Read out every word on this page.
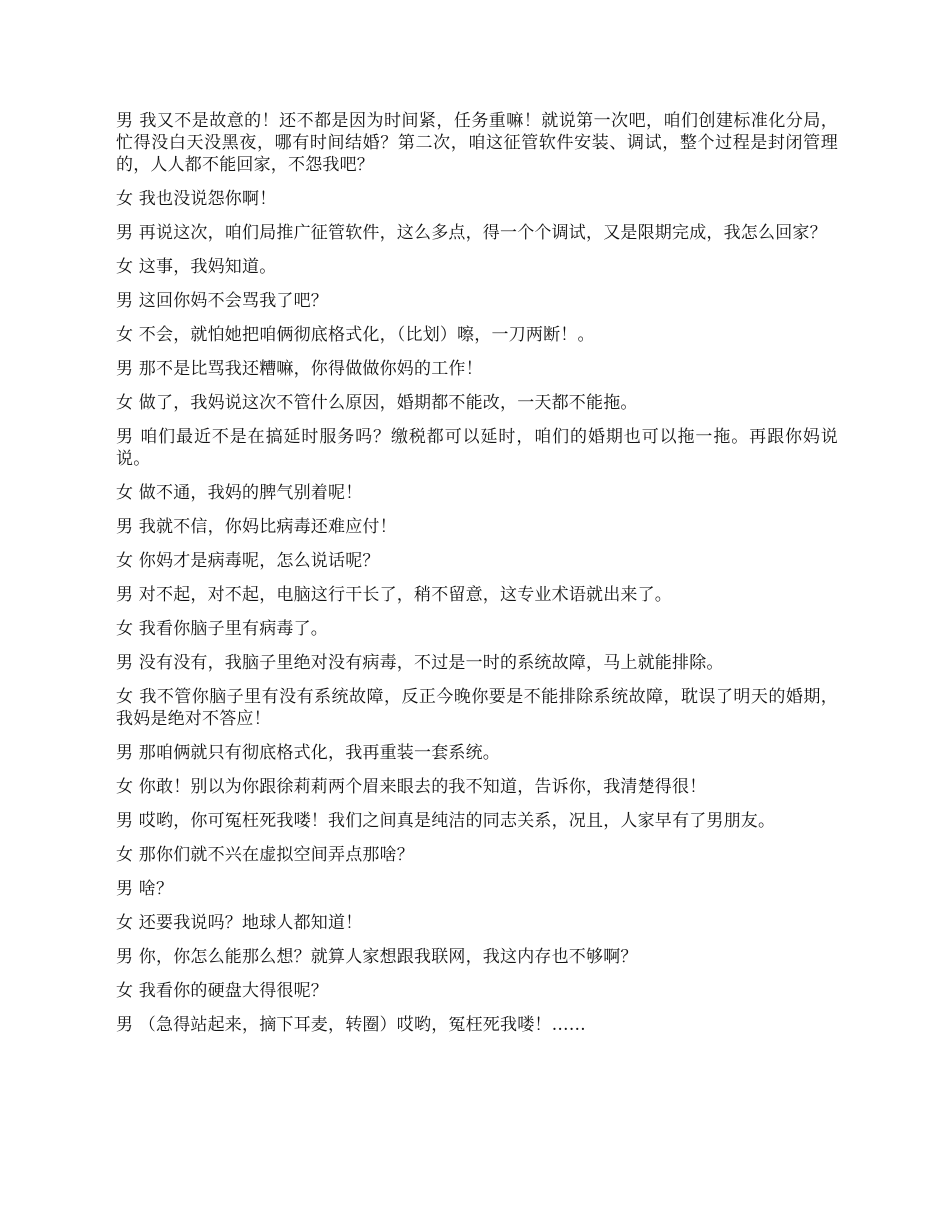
男 我又不是故意的！还不都是因为时间紧，任务重嘛！就说第一次吧，咱们创建标准化分局，忙得没白天没黑夜，哪有时间结婚？第二次，咱这征管软件安装、调试，整个过程是封闭管理的，人人都不能回家，不怨我吧？

女 我也没说怨你啊！

男 再说这次，咱们局推广征管软件，这么多点，得一个个调试，又是限期完成，我怎么回家？

女 这事，我妈知道。

男 这回你妈不会骂我了吧？

女 不会，就怕她把咱俩彻底格式化，（比划）嚓，一刀两断！。

男 那不是比骂我还糟嘛，你得做做你妈的工作！

女 做了，我妈说这次不管什么原因，婚期都不能改，一天都不能拖。

男 咱们最近不是在搞延时服务吗？缴税都可以延时，咱们的婚期也可以拖一拖。再跟你妈说说。

女 做不通，我妈的脾气别着呢！

男 我就不信，你妈比病毒还难应付！

女 你妈才是病毒呢，怎么说话呢？

男 对不起，对不起，电脑这行干长了，稍不留意，这专业术语就出来了。

女 我看你脑子里有病毒了。

男 没有没有，我脑子里绝对没有病毒，不过是一时的系统故障，马上就能排除。

女 我不管你脑子里有没有系统故障，反正今晚你要是不能排除系统故障，耽误了明天的婚期，我妈是绝对不答应！

男 那咱俩就只有彻底格式化，我再重装一套系统。

女 你敢！别以为你跟徐莉莉两个眉来眼去的我不知道，告诉你，我清楚得很！

男 哎哟，你可冤枉死我喽！我们之间真是纯洁的同志关系，况且，人家早有了男朋友。

女 那你们就不兴在虚拟空间弄点那啥？

男 啥？

女 还要我说吗？地球人都知道！

男 你，你怎么能那么想？就算人家想跟我联网，我这内存也不够啊？

女 我看你的硬盘大得很呢？

男 （急得站起来，摘下耳麦，转圈）哎哟，冤枉死我喽！……
